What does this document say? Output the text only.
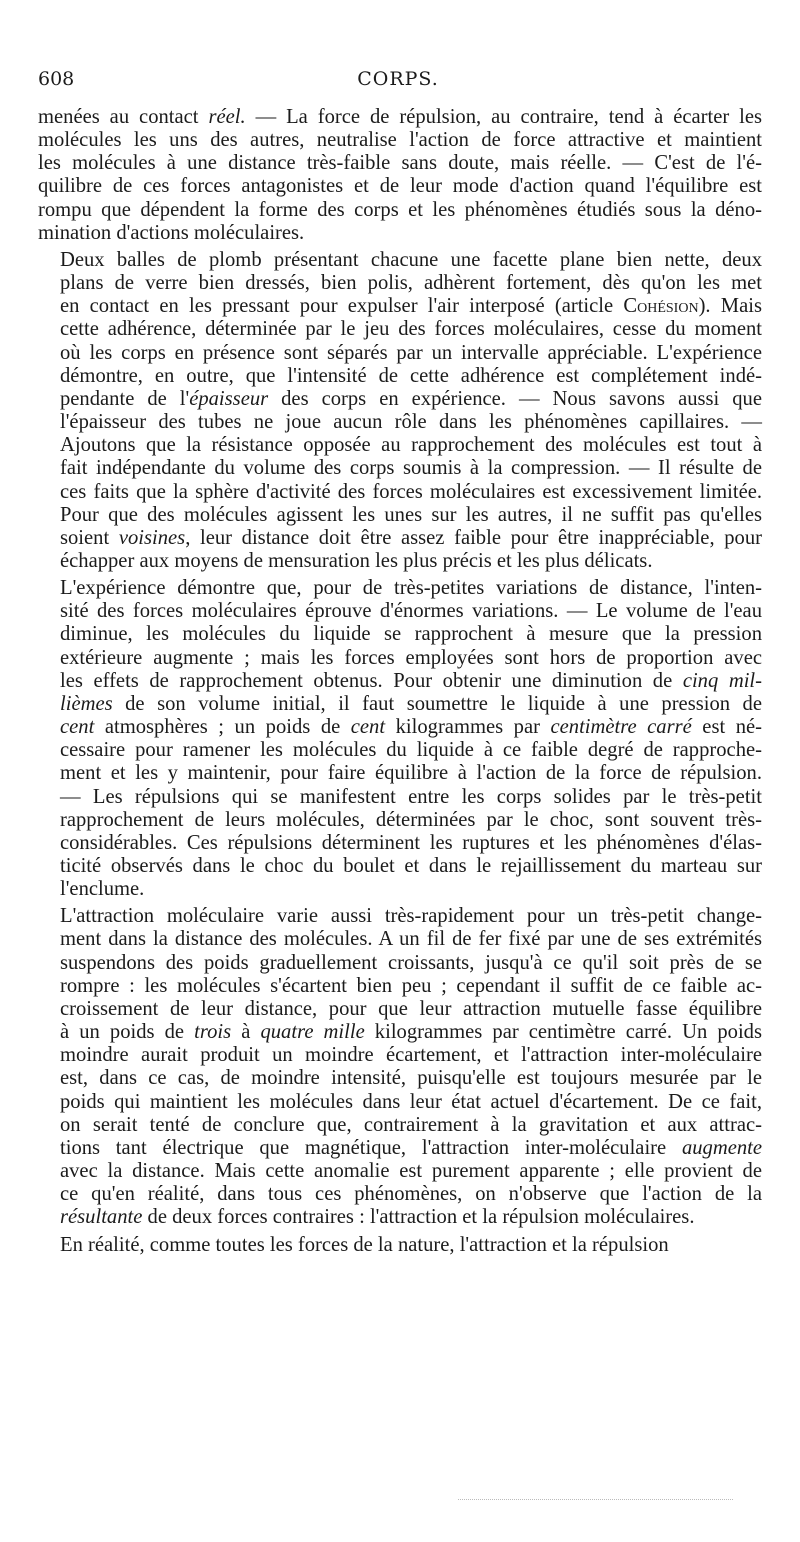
608	CORPS.
menées au contact réel. — La force de répulsion, au contraire, tend à écarter les
molécules les uns des autres, neutralise l'action de force attractive et maintient
les molécules à une distance très-faible sans doute, mais réelle. — C'est de l'é-
quilibre de ces forces antagonistes et de leur mode d'action quand l'équilibre est
rompu que dépendent la forme des corps et les phénomènes étudiés sous la déno-
mination d'actions moléculaires.
Deux balles de plomb présentant chacune une facette plane bien nette, deux
plans de verre bien dressés, bien polis, adhèrent fortement, dès qu'on les met
en contact en les pressant pour expulser l'air interposé (article Cohésion). Mais
cette adhérence, déterminée par le jeu des forces moléculaires, cesse du moment
où les corps en présence sont séparés par un intervalle appréciable. L'expérience
démontre, en outre, que l'intensité de cette adhérence est complétement indé-
pendante de l'épaisseur des corps en expérience. — Nous savons aussi que
l'épaisseur des tubes ne joue aucun rôle dans les phénomènes capillaires. —
Ajoutons que la résistance opposée au rapprochement des molécules est tout à
fait indépendante du volume des corps soumis à la compression. — Il résulte de
ces faits que la sphère d'activité des forces moléculaires est excessivement limitée.
Pour que des molécules agissent les unes sur les autres, il ne suffit pas qu'elles
soient voisines, leur distance doit être assez faible pour être inappréciable, pour
échapper aux moyens de mensuration les plus précis et les plus délicats.
L'expérience démontre que, pour de très-petites variations de distance, l'inten-
sité des forces moléculaires éprouve d'énormes variations. — Le volume de l'eau
diminue, les molécules du liquide se rapprochent à mesure que la pression
extérieure augmente ; mais les forces employées sont hors de proportion avec
les effets de rapprochement obtenus. Pour obtenir une diminution de cinq mil-
lièmes de son volume initial, il faut soumettre le liquide à une pression de
cent atmosphères ; un poids de cent kilogrammes par centimètre carré est né-
cessaire pour ramener les molécules du liquide à ce faible degré de rapproche-
ment et les y maintenir, pour faire équilibre à l'action de la force de répulsion.
— Les répulsions qui se manifestent entre les corps solides par le très-petit
rapprochement de leurs molécules, déterminées par le choc, sont souvent très-
considérables. Ces répulsions déterminent les ruptures et les phénomènes d'élas-
ticité observés dans le choc du boulet et dans le rejaillissement du marteau sur
l'enclume.
L'attraction moléculaire varie aussi très-rapidement pour un très-petit change-
ment dans la distance des molécules. A un fil de fer fixé par une de ses extrémités
suspendons des poids graduellement croissants, jusqu'à ce qu'il soit près de se
rompre : les molécules s'écartent bien peu ; cependant il suffit de ce faible ac-
croissement de leur distance, pour que leur attraction mutuelle fasse équilibre
à un poids de trois à quatre mille kilogrammes par centimètre carré. Un poids
moindre aurait produit un moindre écartement, et l'attraction inter-moléculaire
est, dans ce cas, de moindre intensité, puisqu'elle est toujours mesurée par le
poids qui maintient les molécules dans leur état actuel d'écartement. De ce fait,
on serait tenté de conclure que, contrairement à la gravitation et aux attrac-
tions tant électrique que magnétique, l'attraction inter-moléculaire augmente
avec la distance. Mais cette anomalie est purement apparente ; elle provient de
ce qu'en réalité, dans tous ces phénomènes, on n'observe que l'action de la
résultante de deux forces contraires : l'attraction et la répulsion moléculaires.
En réalité, comme toutes les forces de la nature, l'attraction et la répulsion
